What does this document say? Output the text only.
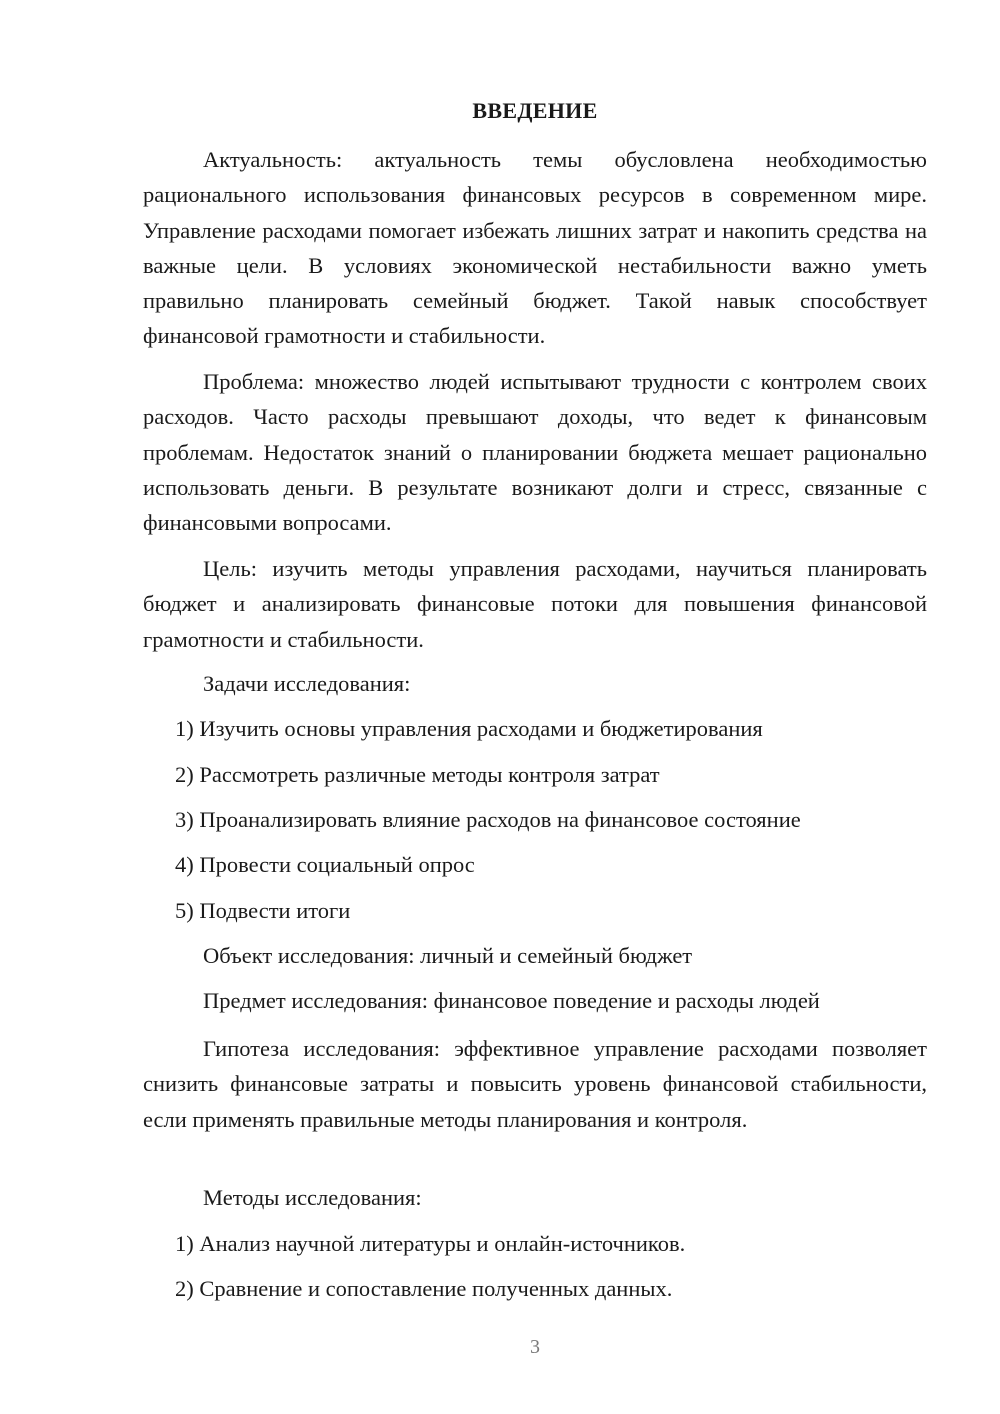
ВВЕДЕНИЕ

Актуальность: актуальность темы обусловлена необходимостью рационального использования финансовых ресурсов в современном мире. Управление расходами помогает избежать лишних затрат и накопить средства на важные цели. В условиях экономической нестабильности важно уметь правильно планировать семейный бюджет. Такой навык способствует финансовой грамотности и стабильности.

Проблема: множество людей испытывают трудности с контролем своих расходов. Часто расходы превышают доходы, что ведет к финансовым проблемам. Недостаток знаний о планировании бюджета мешает рационально использовать деньги. В результате возникают долги и стресс, связанные с финансовыми вопросами.

Цель: изучить методы управления расходами, научиться планировать бюджет и анализировать финансовые потоки для повышения финансовой грамотности и стабильности.

Задачи исследования:
1) Изучить основы управления расходами и бюджетирования
2) Рассмотреть различные методы контроля затрат
3) Проанализировать влияние расходов на финансовое состояние
4) Провести социальный опрос
5) Подвести итоги
Объект исследования: личный и семейный бюджет
Предмет исследования: финансовое поведение и расходы людей

Гипотеза исследования: эффективное управление расходами позволяет снизить финансовые затраты и повысить уровень финансовой стабильности, если применять правильные методы планирования и контроля.

Методы исследования:
1) Анализ научной литературы и онлайн-источников.
2) Сравнение и сопоставление полученных данных.
3
